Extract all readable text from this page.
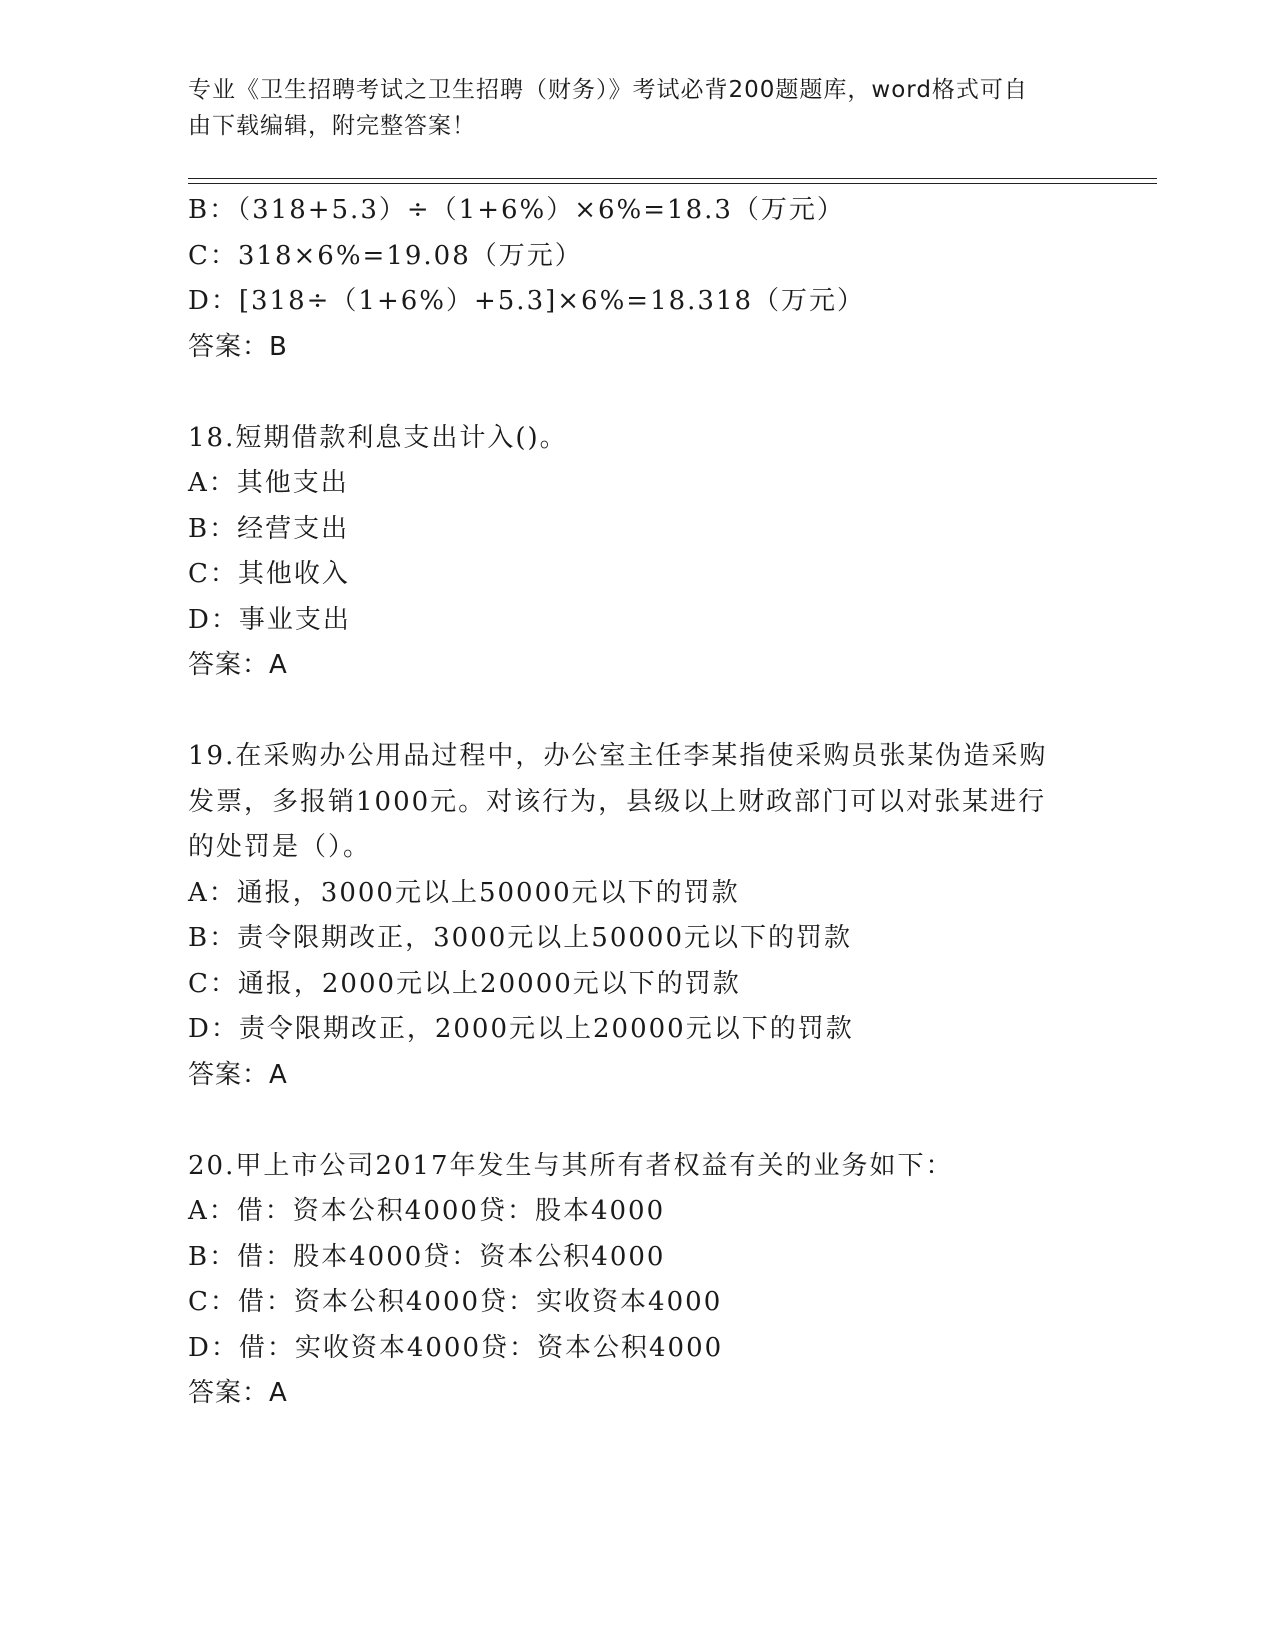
专业《卫生招聘考试之卫生招聘（财务）》考试必背200题题库，word格式可自
由下载编辑，附完整答案！
B：（318+5.3）÷（1+6%）×6%=18.3（万元）
C：318×6%=19.08（万元）
D：[318÷（1+6%）+5.3]×6%=18.318（万元）
答案：B
18.短期借款利息支出计入()。
A：其他支出
B：经营支出
C：其他收入
D：事业支出
答案：A
19.在采购办公用品过程中，办公室主任李某指使采购员张某伪造采购
发票，多报销1000元。对该行为，县级以上财政部门可以对张某进行
的处罚是（）。
A：通报，3000元以上50000元以下的罚款
B：责令限期改正，3000元以上50000元以下的罚款
C：通报，2000元以上20000元以下的罚款
D：责令限期改正，2000元以上20000元以下的罚款
答案：A
20.甲上市公司2017年发生与其所有者权益有关的业务如下：
A：借：资本公积4000贷：股本4000
B：借：股本4000贷：资本公积4000
C：借：资本公积4000贷：实收资本4000
D：借：实收资本4000贷：资本公积4000
答案：A
